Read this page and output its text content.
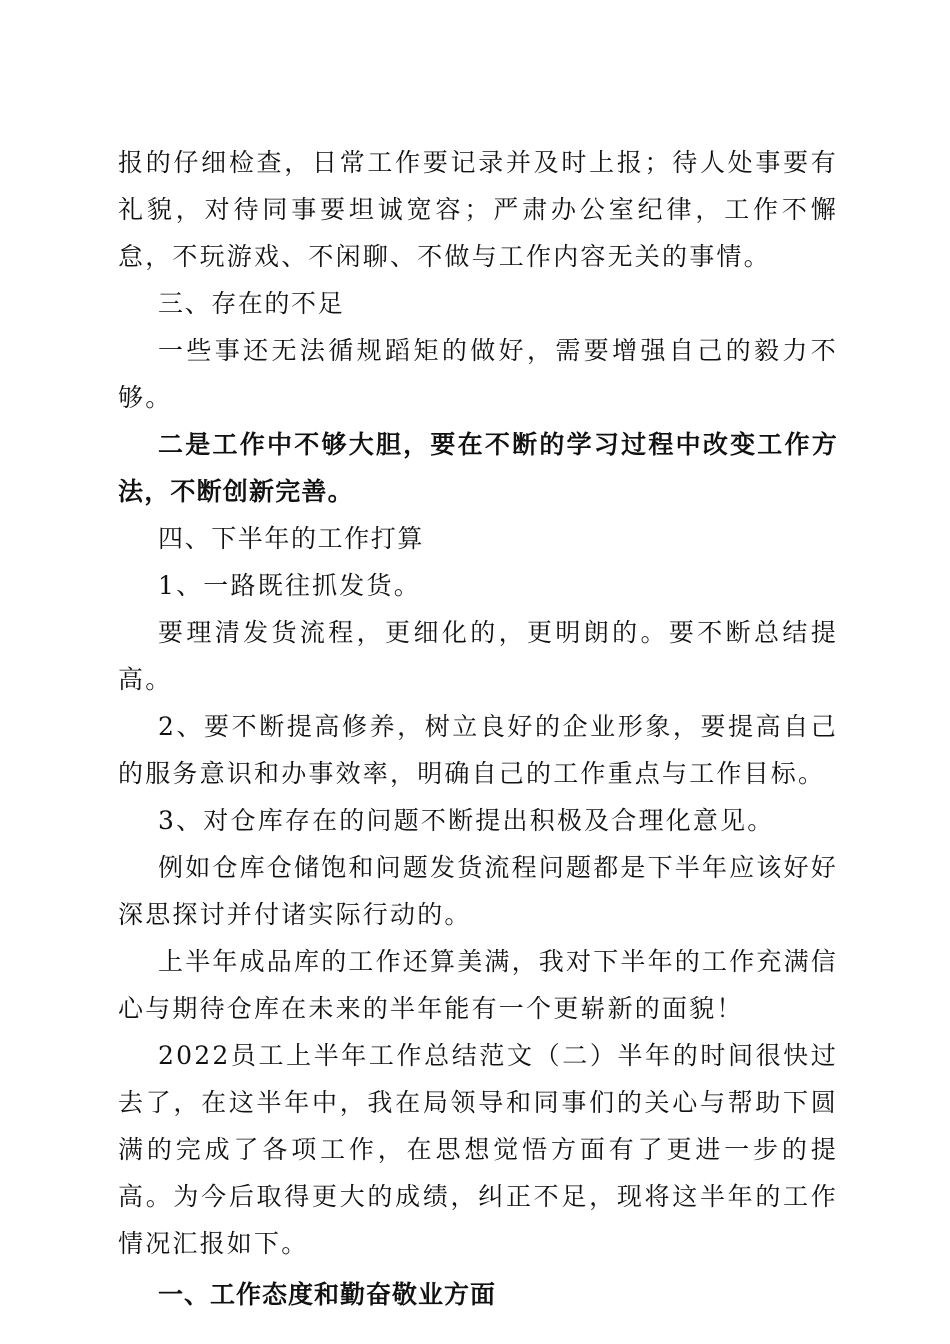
报的仔细检查，日常工作要记录并及时上报；待人处事要有礼貌，对待同事要坦诚宽容；严肃办公室纪律，工作不懈怠，不玩游戏、不闲聊、不做与工作内容无关的事情。

三、存在的不足

一些事还无法循规蹈矩的做好，需要增强自己的毅力不够。

二是工作中不够大胆，要在不断的学习过程中改变工作方法，不断创新完善。

四、下半年的工作打算

1、一路既往抓发货。

要理清发货流程，更细化的，更明朗的。要不断总结提高。

2、要不断提高修养，树立良好的企业形象，要提高自己的服务意识和办事效率，明确自己的工作重点与工作目标。

3、对仓库存在的问题不断提出积极及合理化意见。

例如仓库仓储饱和问题发货流程问题都是下半年应该好好深思探讨并付诸实际行动的。

上半年成品库的工作还算美满，我对下半年的工作充满信心与期待仓库在未来的半年能有一个更崭新的面貌！

2022员工上半年工作总结范文（二）半年的时间很快过去了，在这半年中，我在局领导和同事们的关心与帮助下圆满的完成了各项工作，在思想觉悟方面有了更进一步的提高。为今后取得更大的成绩，纠正不足，现将这半年的工作情况汇报如下。

一、工作态度和勤奋敬业方面
